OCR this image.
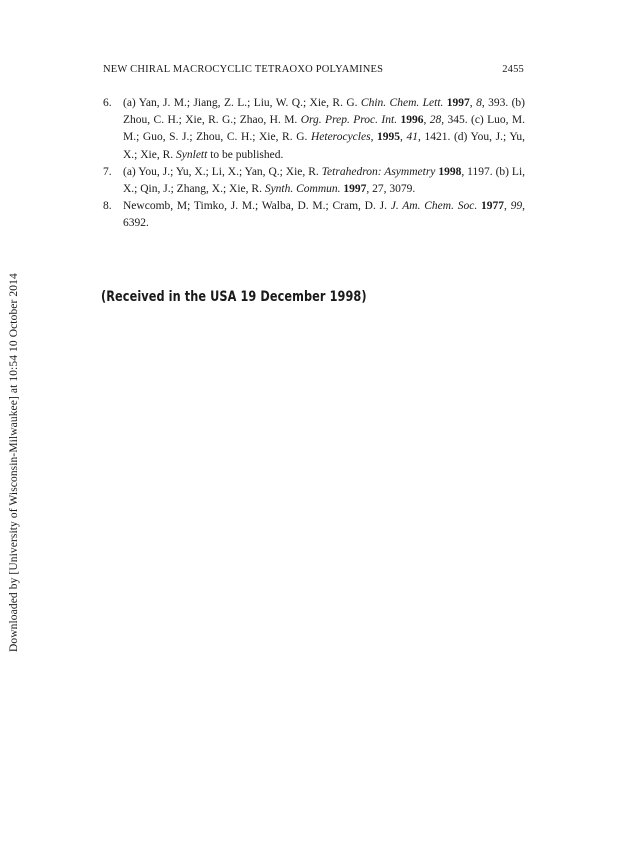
NEW CHIRAL MACROCYCLIC TETRAOXO POLYAMINES	2455
6. (a) Yan, J. M.; Jiang, Z. L.; Liu, W. Q.; Xie, R. G. Chin. Chem. Lett. 1997, 8, 393. (b) Zhou, C. H.; Xie, R. G.; Zhao, H. M. Org. Prep. Proc. Int. 1996, 28, 345. (c) Luo, M. M.; Guo, S. J.; Zhou, C. H.; Xie, R. G. Heterocycles, 1995, 41, 1421. (d) You, J.; Yu, X.; Xie, R. Synlett to be published.
7. (a) You, J.; Yu, X.; Li, X.; Yan, Q.; Xie, R. Tetrahedron: Asymmetry 1998, 1197. (b) Li, X.; Qin, J.; Zhang, X.; Xie, R. Synth. Commun. 1997, 27, 3079.
8. Newcomb, M; Timko, J. M.; Walba, D. M.; Cram, D. J. J. Am. Chem. Soc. 1977, 99, 6392.
(Received in the USA 19 December 1998)
Downloaded by [University of Wisconsin-Milwaukee] at 10:54 10 October 2014
